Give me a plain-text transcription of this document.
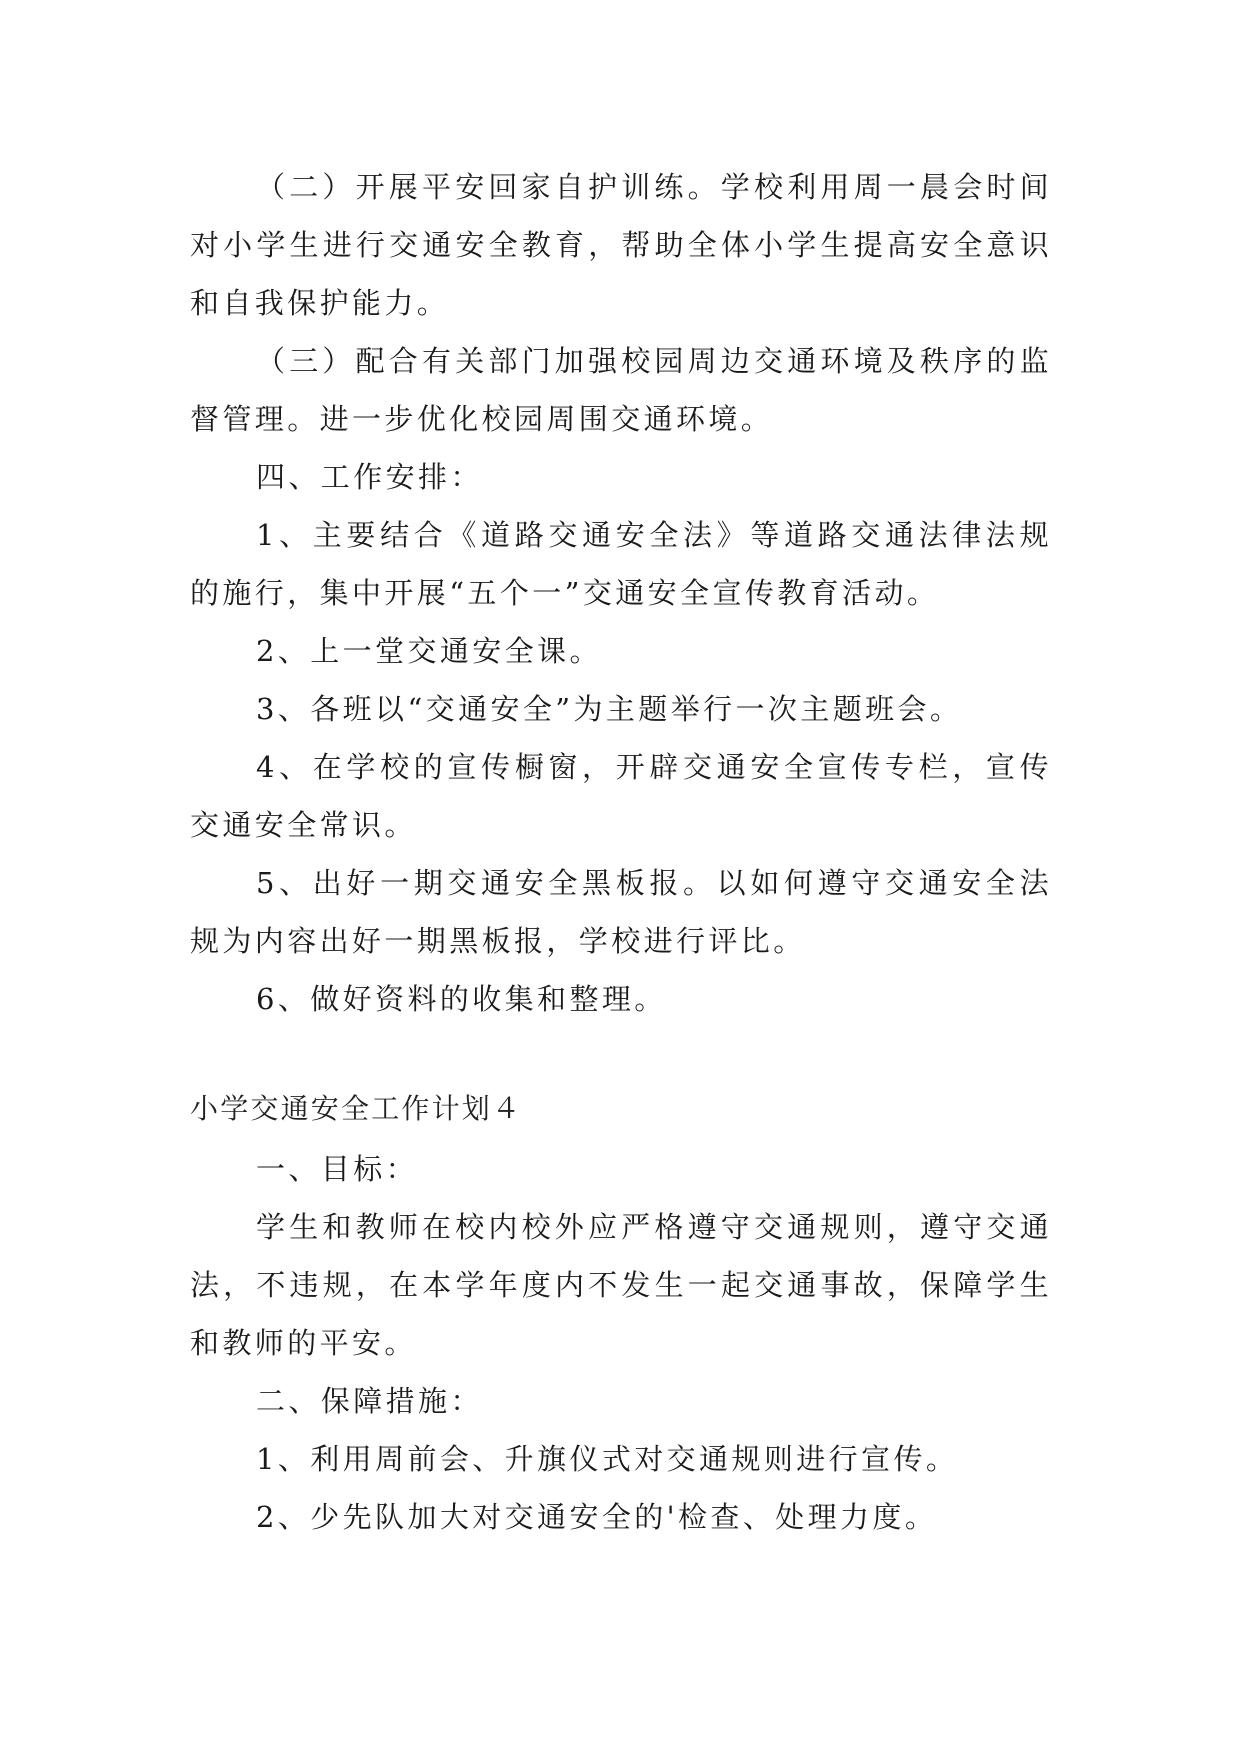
（二）开展平安回家自护训练。学校利用周一晨会时间对小学生进行交通安全教育，帮助全体小学生提高安全意识和自我保护能力。

（三）配合有关部门加强校园周边交通环境及秩序的监督管理。进一步优化校园周围交通环境。

四、工作安排：

1、主要结合《道路交通安全法》等道路交通法律法规的施行，集中开展“五个一”交通安全宣传教育活动。

2、上一堂交通安全课。

3、各班以“交通安全”为主题举行一次主题班会。

4、在学校的宣传橱窗，开辟交通安全宣传专栏，宣传交通安全常识。

5、出好一期交通安全黑板报。以如何遵守交通安全法规为内容出好一期黑板报，学校进行评比。

6、做好资料的收集和整理。

小学交通安全工作计划４

一、目标：

学生和教师在校内校外应严格遵守交通规则，遵守交通法，不违规，在本学年度内不发生一起交通事故，保障学生和教师的平安。

二、保障措施：

1、利用周前会、升旗仪式对交通规则进行宣传。

2、少先队加大对交通安全的'检查、处理力度。
